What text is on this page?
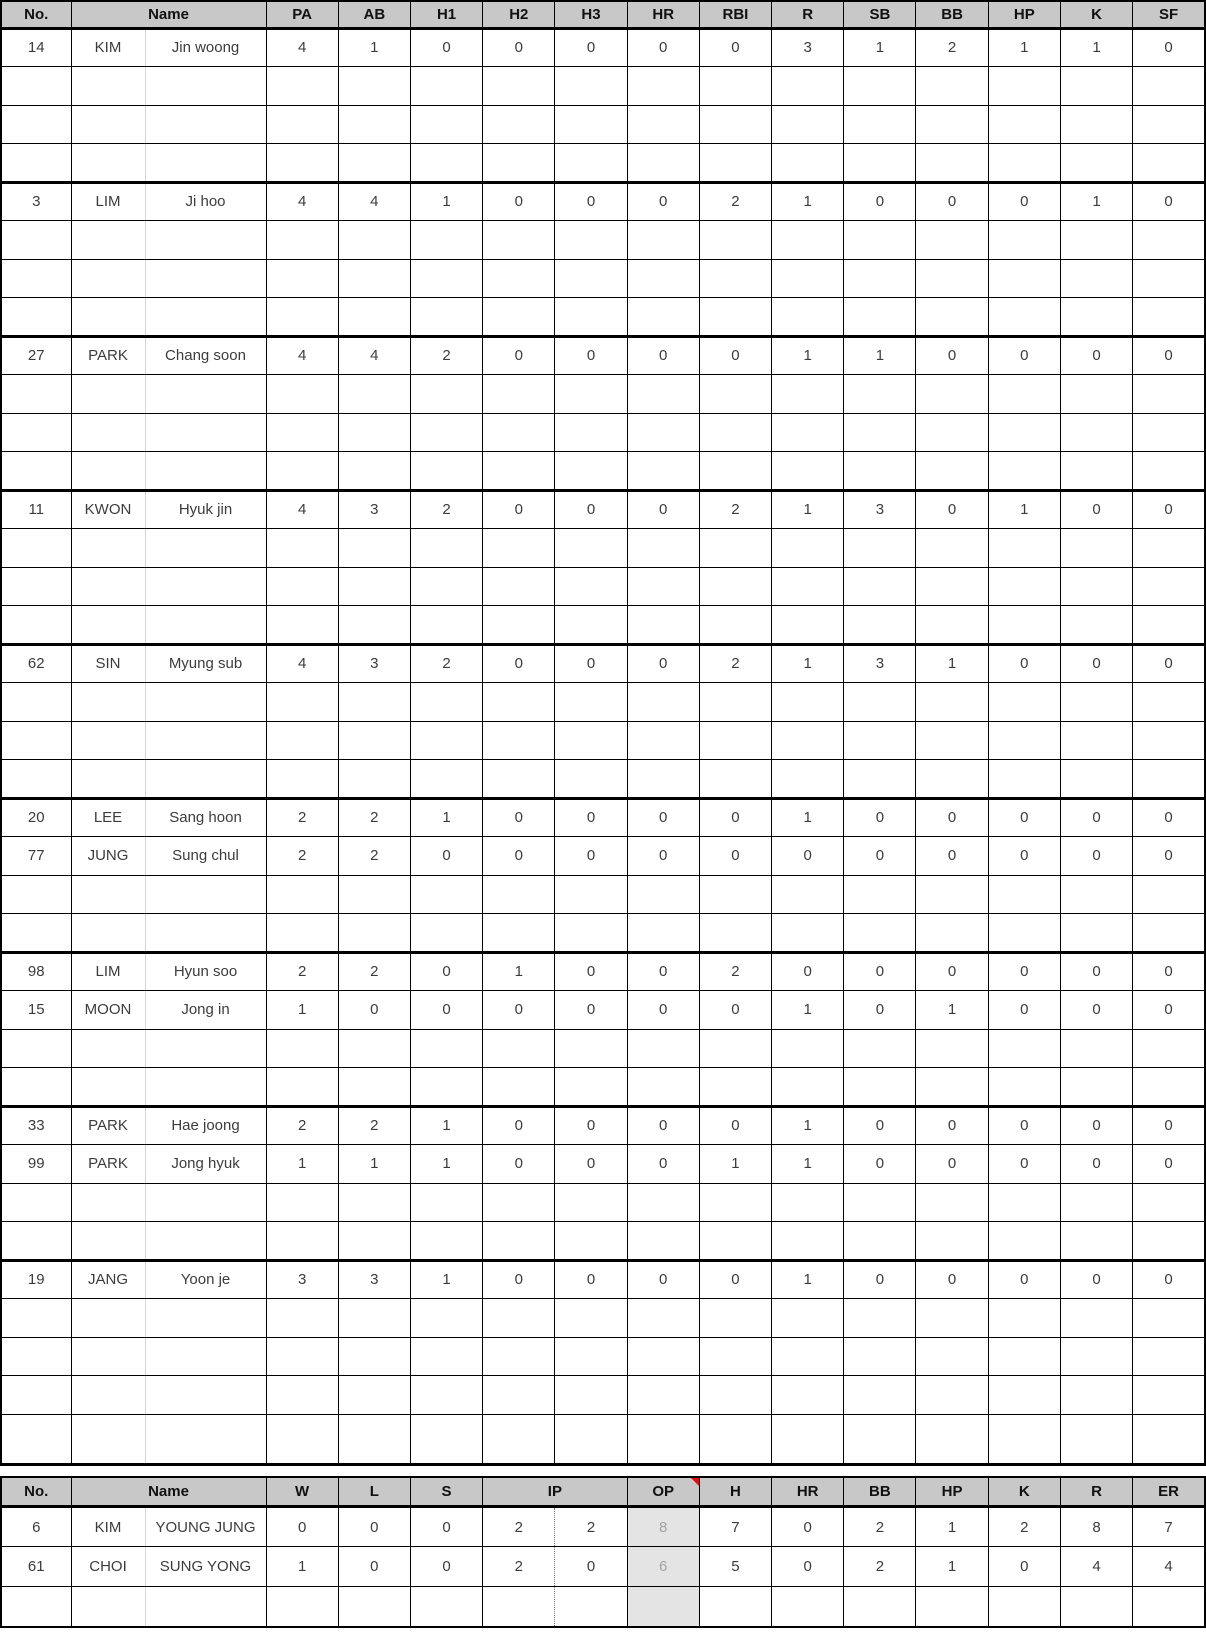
No.	Name		PA	AB	H1	H2	H3	HR	RBI	R	SB	BB	HP	K	SF
14	KIM	Jin woong	4	1	0	0	0	0	0	3	1	2	1	1	0

3	LIM	Ji hoo	4	4	1	0	0	0	2	1	0	0	0	1	0

27	PARK	Chang soon	4	4	2	0	0	0	0	1	1	0	0	0	0

11	KWON	Hyuk jin	4	3	2	0	0	0	2	1	3	0	1	0	0

62	SIN	Myung sub	4	3	2	0	0	0	2	1	3	1	0	0	0

20	LEE	Sang hoon	2	2	1	0	0	0	0	1	0	0	0	0	0
77	JUNG	Sung chul	2	2	0	0	0	0	0	0	0	0	0	0	0

98	LIM	Hyun soo	2	2	0	1	0	0	2	0	0	0	0	0	0
15	MOON	Jong in	1	0	0	0	0	0	0	1	0	1	0	0	0

33	PARK	Hae joong	2	2	1	0	0	0	0	1	0	0	0	0	0
99	PARK	Jong hyuk	1	1	1	0	0	0	1	1	0	0	0	0	0

19	JANG	Yoon je	3	3	1	0	0	0	0	1	0	0	0	0	0

No.	Name		W	L	S	IP		OP	H	HR	BB	HP	K	R	ER
6	KIM	YOUNG JUNG	0	0	0	2	2	8	7	0	2	1	2	8	7
61	CHOI	SUNG YONG	1	0	0	2	0	6	5	0	2	1	0	4	4
